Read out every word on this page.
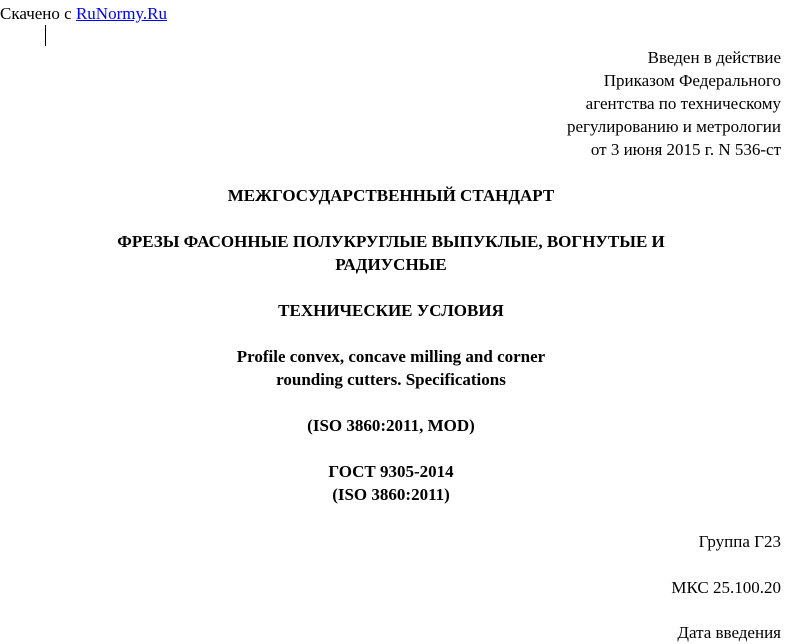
Скачено с RuNormy.Ru
Введен в действие
Приказом Федерального
агентства по техническому
регулированию и метрологии
от 3 июня 2015 г. N 536-ст
МЕЖГОСУДАРСТВЕННЫЙ СТАНДАРТ
ФРЕЗЫ ФАСОННЫЕ ПОЛУКРУГЛЫЕ ВЫПУКЛЫЕ, ВОГНУТЫЕ И
РАДИУСНЫЕ
ТЕХНИЧЕСКИЕ УСЛОВИЯ
Profile convex, concave milling and corner
rounding cutters. Specifications
(ISO 3860:2011, MOD)
ГОСТ 9305-2014
(ISO 3860:2011)
Группа Г23
МКС 25.100.20
Дата введения
